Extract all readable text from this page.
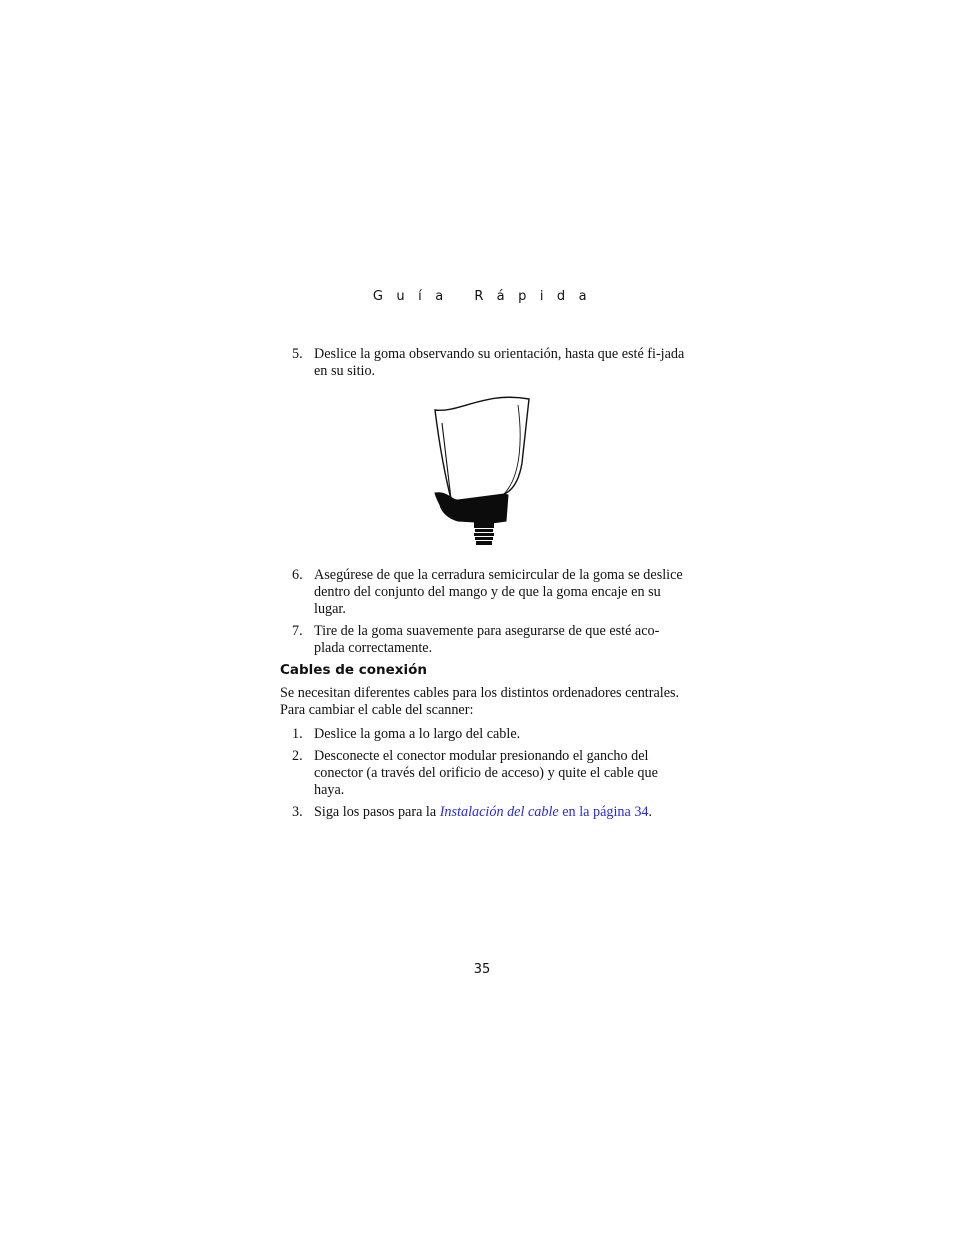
Guía Rápida
5. Deslice la goma observando su orientación, hasta que esté fi-jada en su sitio.
6. Asegúrese de que la cerradura semicircular de la goma se deslice dentro del conjunto del mango y de que la goma encaje en su lugar.
7. Tire de la goma suavemente para asegurarse de que esté aco-plada correctamente.
Cables de conexión
Se necesitan diferentes cables para los distintos ordenadores centrales. Para cambiar el cable del scanner:
1. Deslice la goma a lo largo del cable.
2. Desconecte el conector modular presionando el gancho del conector (a través del orificio de acceso) y quite el cable que haya.
3. Siga los pasos para la Instalación del cable en la página 34.
35
